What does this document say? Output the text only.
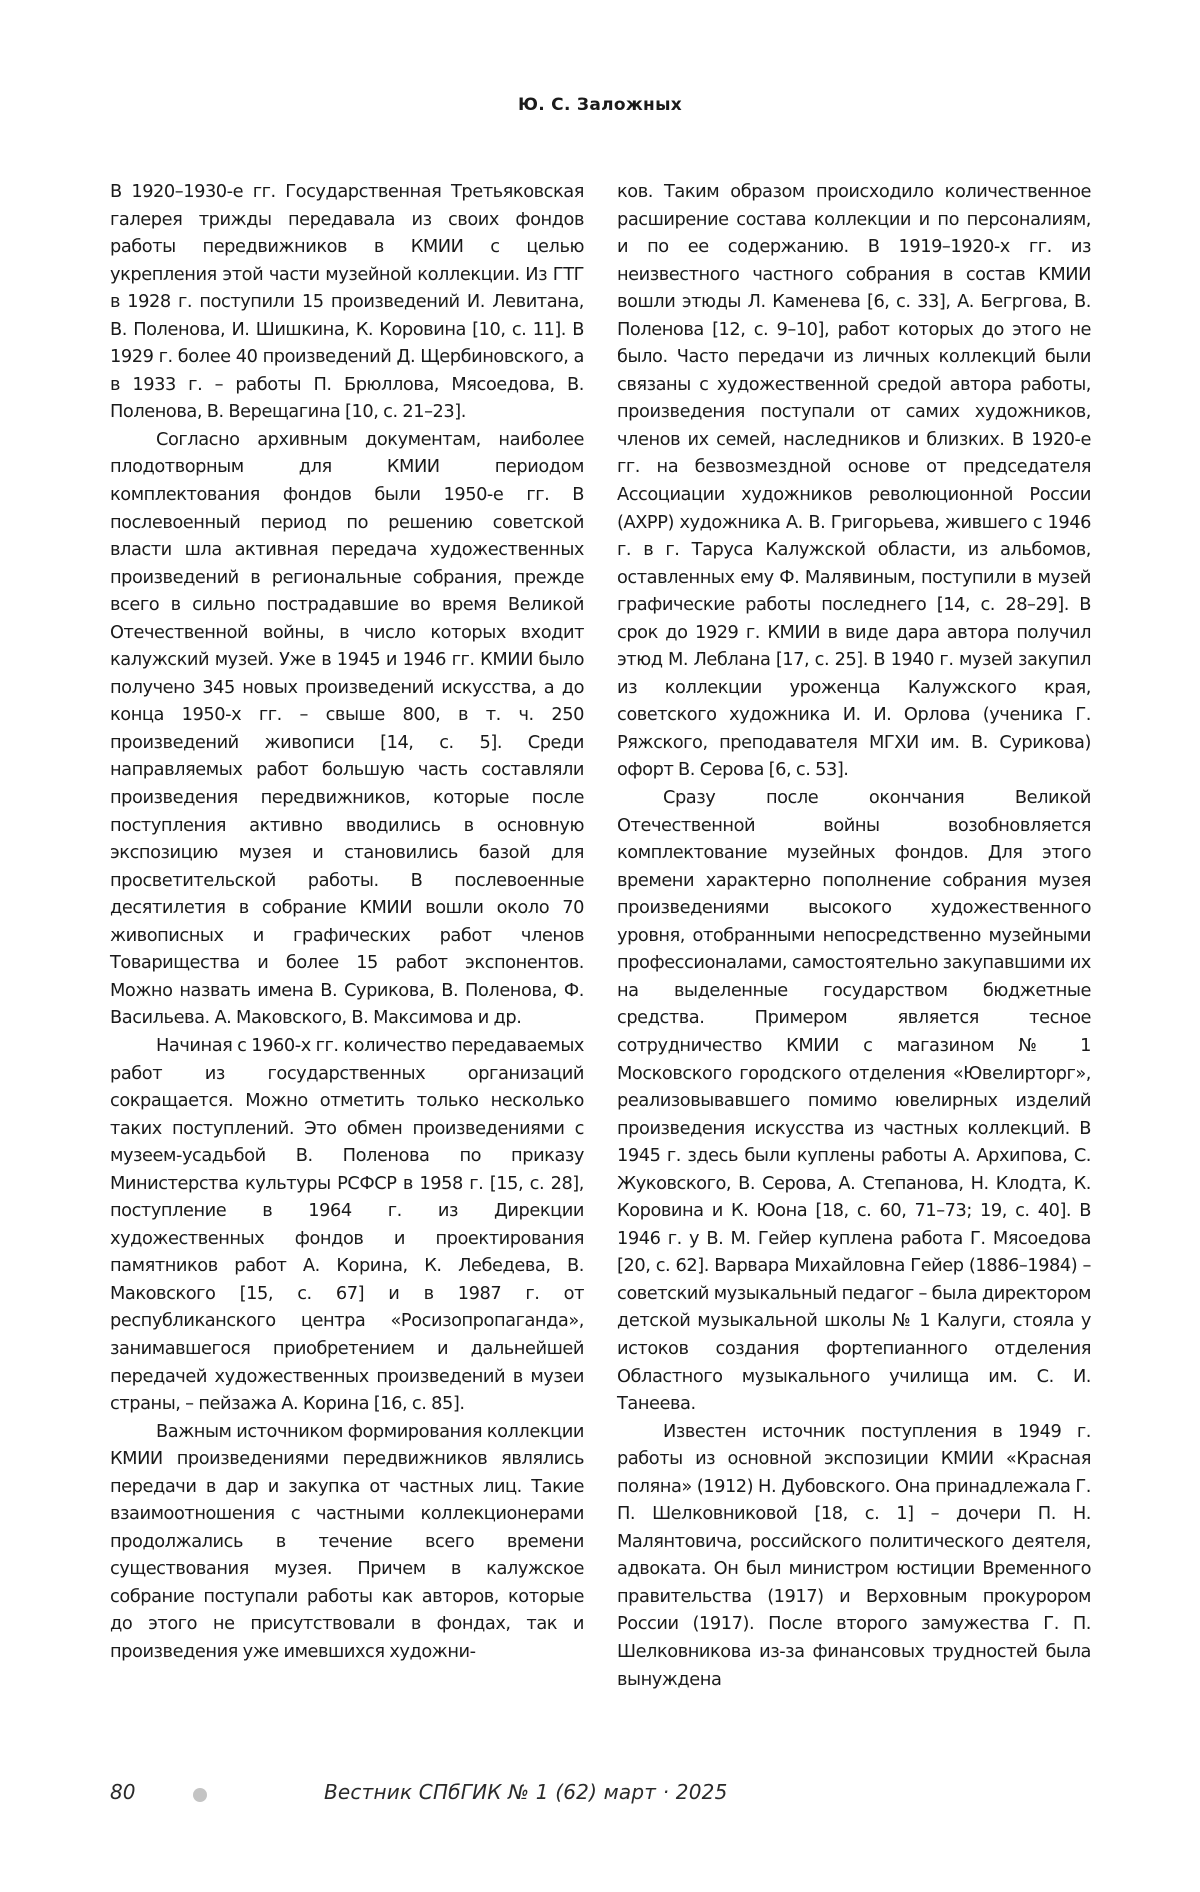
Ю. С. Заложных

В 1920–1930-е гг. Государственная Третьяковская галерея трижды передавала из своих фондов работы передвижников в КМИИ с целью укрепления этой части музейной коллекции. Из ГТГ в 1928 г. поступили 15 произведений И. Левитана, В. Поленова, И. Шишкина, К. Коровина [10, с. 11]. В 1929 г. более 40 произведений Д. Щербиновского, а в 1933 г. – работы П. Брюллова, Мясоедова, В. Поленова, В. Верещагина [10, с. 21–23].

Согласно архивным документам, наиболее плодотворным для КМИИ периодом комплектования фондов были 1950-е гг. В послевоенный период по решению советской власти шла активная передача художественных произведений в региональные собрания, прежде всего в сильно пострадавшие во время Великой Отечественной войны, в число которых входит калужский музей. Уже в 1945 и 1946 гг. КМИИ было получено 345 новых произведений искусства, а до конца 1950-х гг. – свыше 800, в т. ч. 250 произведений живописи [14, с. 5]. Среди направляемых работ большую часть составляли произведения передвижников, которые после поступления активно вводились в основную экспозицию музея и становились базой для просветительской работы. В послевоенные десятилетия в собрание КМИИ вошли около 70 живописных и графических работ членов Товарищества и более 15 работ экспонентов. Можно назвать имена В. Сурикова, В. Поленова, Ф. Васильева. А. Маковского, В. Максимова и др.

Начиная с 1960-х гг. количество передаваемых работ из государственных организаций сокращается. Можно отметить только несколько таких поступлений. Это обмен произведениями с музеем-усадьбой В. Поленова по приказу Министерства культуры РСФСР в 1958 г. [15, с. 28], поступление в 1964 г. из Дирекции художественных фондов и проектирования памятников работ А. Корина, К. Лебедева, В. Маковского [15, с. 67] и в 1987 г. от республиканского центра «Росизопропаганда», занимавшегося приобретением и дальнейшей передачей художественных произведений в музеи страны, – пейзажа А. Корина [16, с. 85].

Важным источником формирования коллекции КМИИ произведениями передвижников являлись передачи в дар и закупка от частных лиц. Такие взаимоотношения с частными коллекционерами продолжались в течение всего времени существования музея. Причем в калужское собрание поступали работы как авторов, которые до этого не присутствовали в фондах, так и произведения уже имевшихся художни-

ков. Таким образом происходило количественное расширение состава коллекции и по персоналиям, и по ее содержанию. В 1919–1920-х гг. из неизвестного частного собрания в состав КМИИ вошли этюды Л. Каменева [6, с. 33], А. Бегргова, В. Поленова [12, с. 9–10], работ которых до этого не было. Часто передачи из личных коллекций были связаны с художественной средой автора работы, произведения поступали от самих художников, членов их семей, наследников и близких. В 1920-е гг. на безвозмездной основе от председателя Ассоциации художников революционной России (АХРР) художника А. В. Григорьева, жившего с 1946 г. в г. Таруса Калужской области, из альбомов, оставленных ему Ф. Малявиным, поступили в музей графические работы последнего [14, с. 28–29]. В срок до 1929 г. КМИИ в виде дара автора получил этюд М. Леблана [17, с. 25]. В 1940 г. музей закупил из коллекции уроженца Калужского края, советского художника И. И. Орлова (ученика Г. Ряжского, преподавателя МГХИ им. В. Сурикова) офорт В. Серова [6, с. 53].

Сразу после окончания Великой Отечественной войны возобновляется комплектование музейных фондов. Для этого времени характерно пополнение собрания музея произведениями высокого художественного уровня, отобранными непосредственно музейными профессионалами, самостоятельно закупавшими их на выделенные государством бюджетные средства. Примером является тесное сотрудничество КМИИ с магазином № 1 Московского городского отделения «Ювелирторг», реализовывавшего помимо ювелирных изделий произведения искусства из частных коллекций. В 1945 г. здесь были куплены работы А. Архипова, С. Жуковского, В. Серова, А. Степанова, Н. Клодта, К. Коровина и К. Юона [18, с. 60, 71–73; 19, с. 40]. В 1946 г. у В. М. Гейер куплена работа Г. Мясоедова [20, с. 62]. Варвара Михайловна Гейер (1886–1984) – советский музыкальный педагог – была директором детской музыкальной школы № 1 Калуги, стояла у истоков создания фортепианного отделения Областного музыкального училища им. С. И. Танеева.

Известен источник поступления в 1949 г. работы из основной экспозиции КМИИ «Красная поляна» (1912) Н. Дубовского. Она принадлежала Г. П. Шелковниковой [18, с. 1] – дочери П. Н. Малянтовича, российского политического деятеля, адвоката. Он был министром юстиции Временного правительства (1917) и Верховным прокурором России (1917). После второго замужества Г. П. Шелковникова из-за финансовых трудностей была вынуждена

80	Вестник СПбГИК № 1 (62) март · 2025
